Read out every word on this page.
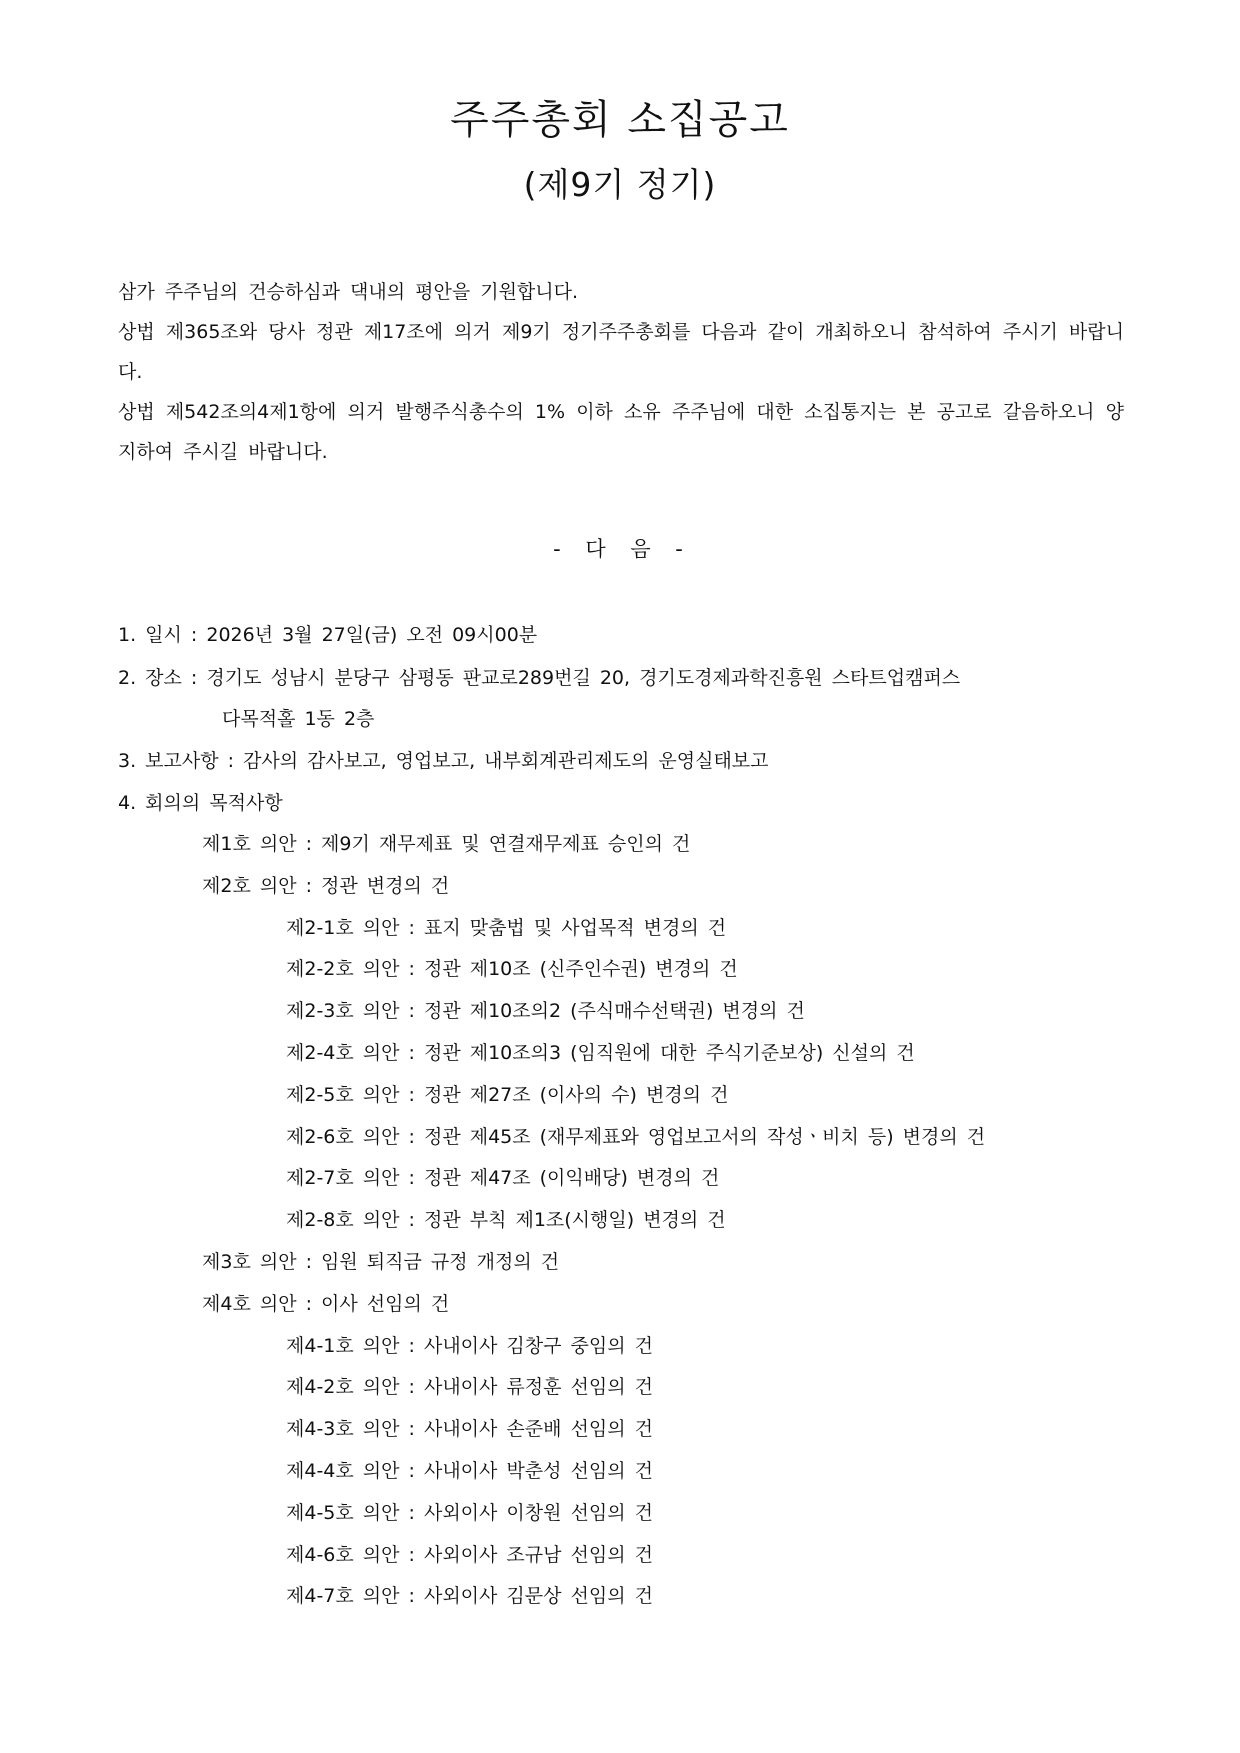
주주총회 소집공고
(제9기 정기)

삼가 주주님의 건승하심과 댁내의 평안을 기원합니다.

상법 제365조와 당사 정관 제17조에 의거 제9기 정기주주총회를 다음과 같이 개최하오니 참석하여 주시기 바랍니다.

상법 제542조의4제1항에 의거 발행주식총수의 1% 이하 소유 주주님에 대한 소집통지는 본 공고로 갈음하오니 양지하여 주시길 바랍니다.

- 다 음 -
1. 일시 : 2026년 3월 27일(금) 오전 09시00분
2. 장소 : 경기도 성남시 분당구 삼평동 판교로289번길 20, 경기도경제과학진흥원 스타트업캠퍼스
다목적홀 1동 2층
3. 보고사항 : 감사의 감사보고, 영업보고, 내부회계관리제도의 운영실태보고
4. 회의의 목적사항
제1호 의안 : 제9기 재무제표 및 연결재무제표 승인의 건
제2호 의안 : 정관 변경의 건
제2-1호 의안 : 표지 맞춤법 및 사업목적 변경의 건
제2-2호 의안 : 정관 제10조 (신주인수권) 변경의 건
제2-3호 의안 : 정관 제10조의2 (주식매수선택권) 변경의 건
제2-4호 의안 : 정관 제10조의3 (임직원에 대한 주식기준보상) 신설의 건
제2-5호 의안 : 정관 제27조 (이사의 수) 변경의 건
제2-6호 의안 : 정관 제45조 (재무제표와 영업보고서의 작성ㆍ비치 등) 변경의 건
제2-7호 의안 : 정관 제47조 (이익배당) 변경의 건
제2-8호 의안 : 정관 부칙 제1조(시행일) 변경의 건
제3호 의안 : 임원 퇴직금 규정 개정의 건
제4호 의안 : 이사 선임의 건
제4-1호 의안 : 사내이사 김창구 중임의 건
제4-2호 의안 : 사내이사 류정훈 선임의 건
제4-3호 의안 : 사내이사 손준배 선임의 건
제4-4호 의안 : 사내이사 박춘성 선임의 건
제4-5호 의안 : 사외이사 이창원 선임의 건
제4-6호 의안 : 사외이사 조규남 선임의 건
제4-7호 의안 : 사외이사 김문상 선임의 건
